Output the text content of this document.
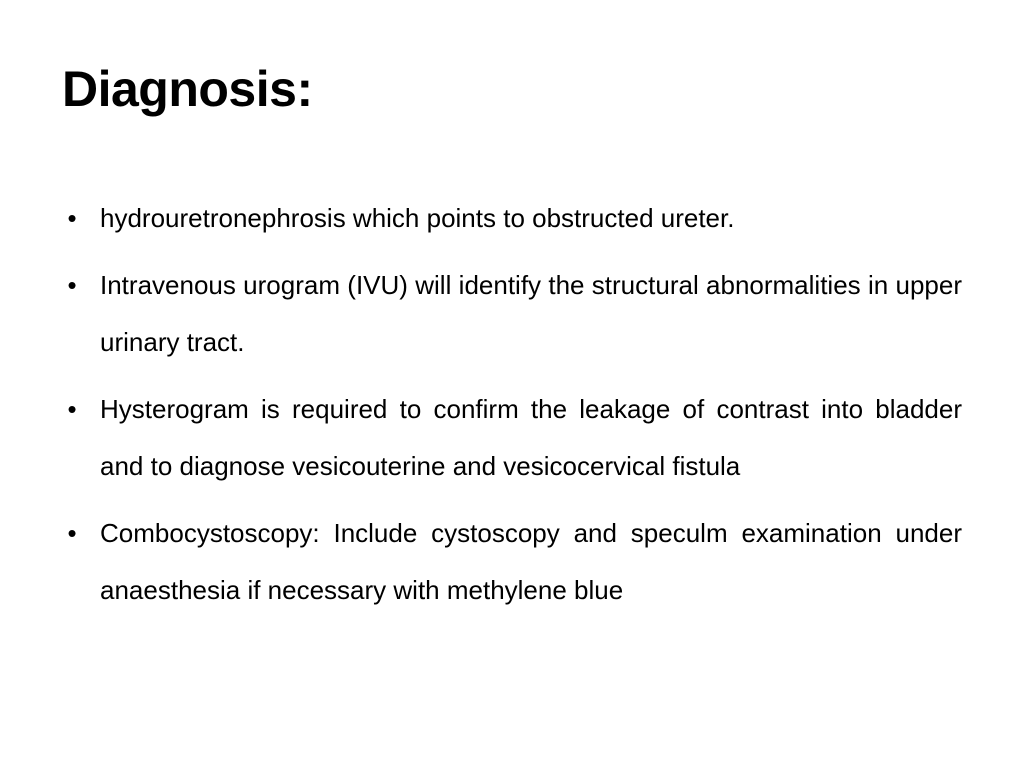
Diagnosis:
• hydrouretronephrosis which points to obstructed ureter.
• Intravenous urogram (IVU) will identify the structural abnormalities in upper urinary tract.
• Hysterogram is required to confirm the leakage of contrast into bladder and to diagnose vesicouterine and vesicocervical fistula
• Combocystoscopy: Include cystoscopy and speculm examination under anaesthesia if necessary with methylene blue
